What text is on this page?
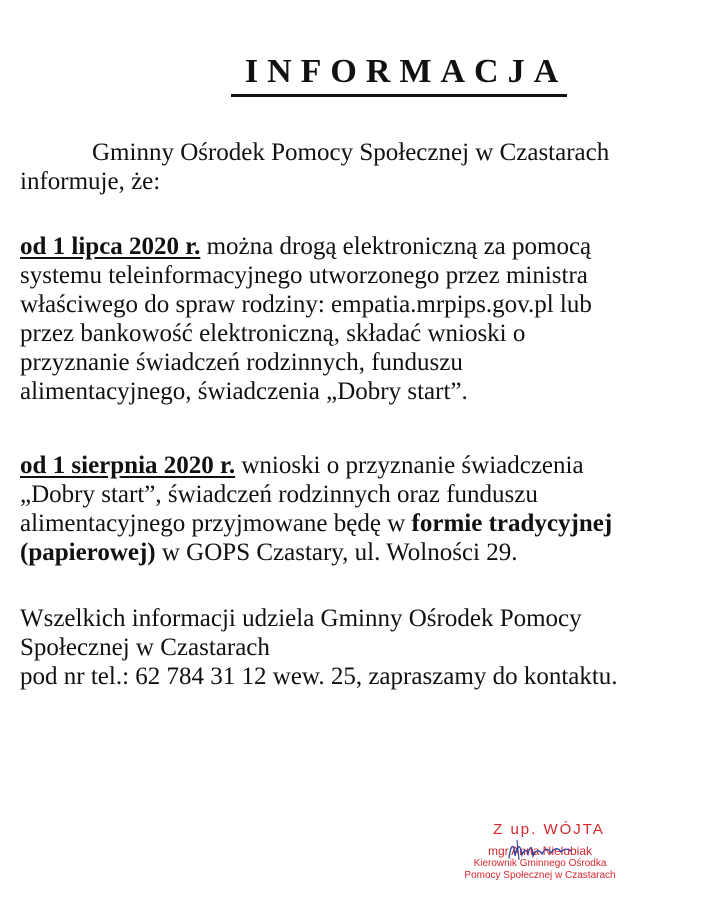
INFORMACJA
Gminny Ośrodek Pomocy Społecznej w Czastarach
informuje, że:
od 1 lipca 2020 r. można drogą elektroniczną za pomocą
systemu teleinformacyjnego utworzonego przez ministra
właściwego do spraw rodziny: empatia.mrpips.gov.pl lub
przez bankowość elektroniczną, składać wnioski o
przyznanie świadczeń rodzinnych, funduszu
alimentacyjnego, świadczenia „Dobry start”.
od 1 sierpnia 2020 r. wnioski o przyznanie świadczenia
„Dobry start”, świadczeń rodzinnych oraz funduszu
alimentacyjnego przyjmowane będę w formie tradycyjnej
(papierowej) w GOPS Czastary, ul. Wolności 29.
Wszelkich informacji udziela Gminny Ośrodek Pomocy
Społecznej w Czastarach
pod nr tel.: 62 784 31 12 wew. 25, zapraszamy do kontaktu.
Z up. WÓJTA
mgr Anna Nielubiak
Kierownik Gminnego Ośrodka
Pomocy Społecznej w Czastarach
